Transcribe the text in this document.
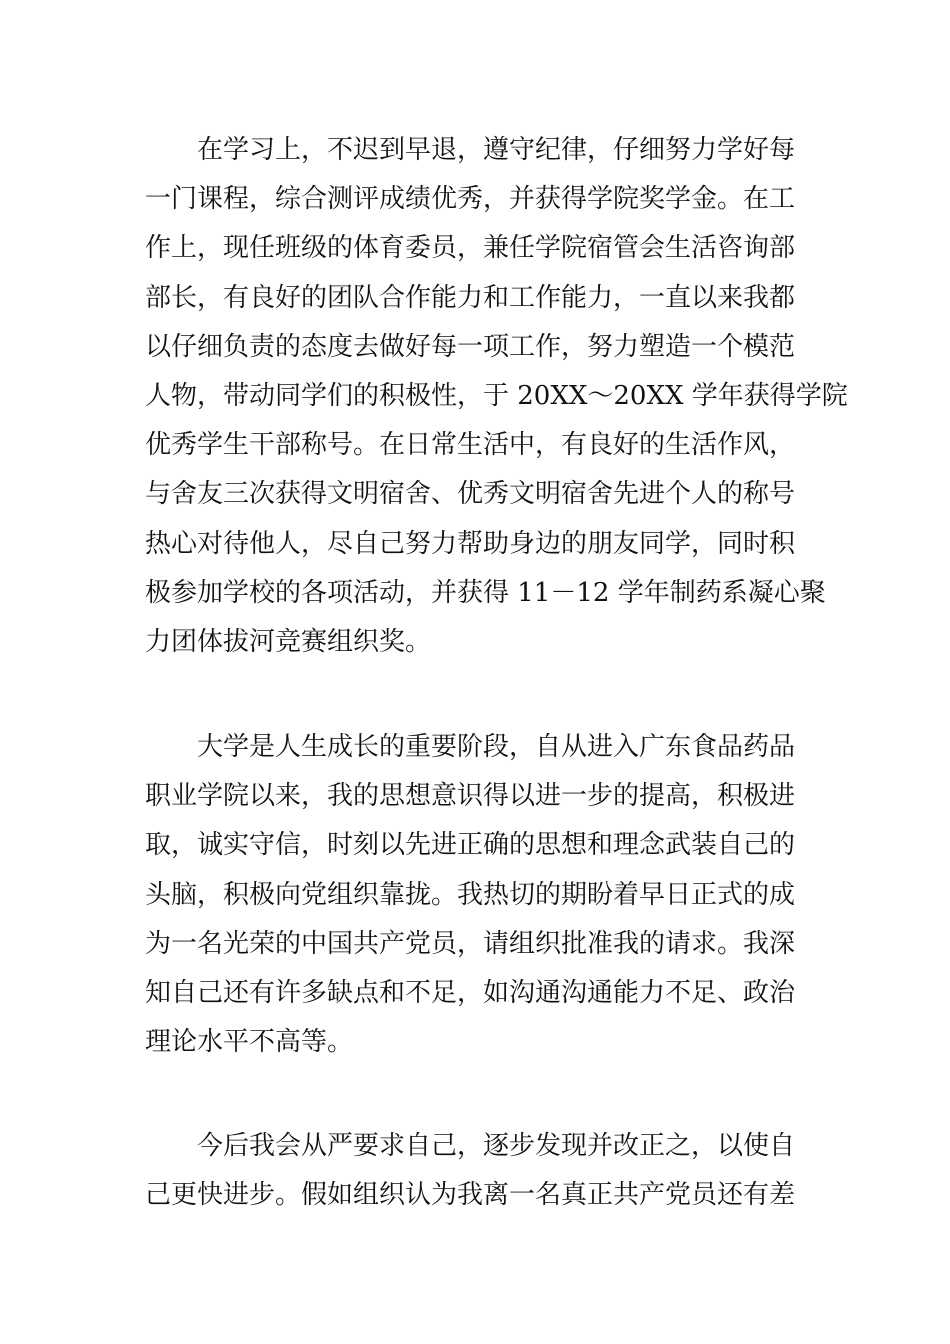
在学习上，不迟到早退，遵守纪律，仔细努力学好每
一门课程，综合测评成绩优秀，并获得学院奖学金。在工
作上，现任班级的体育委员，兼任学院宿管会生活咨询部
部长，有良好的团队合作能力和工作能力，一直以来我都
以仔细负责的态度去做好每一项工作，努力塑造一个模范
人物，带动同学们的积极性，于 20XX～20XX 学年获得学院
优秀学生干部称号。在日常生活中，有良好的生活作风，
与舍友三次获得文明宿舍、优秀文明宿舍先进个人的称号
热心对待他人，尽自己努力帮助身边的朋友同学，同时积
极参加学校的各项活动，并获得 11－12 学年制药系凝心聚
力团体拔河竞赛组织奖。
大学是人生成长的重要阶段，自从进入广东食品药品
职业学院以来，我的思想意识得以进一步的提高，积极进
取，诚实守信，时刻以先进正确的思想和理念武装自己的
头脑，积极向党组织靠拢。我热切的期盼着早日正式的成
为一名光荣的中国共产党员，请组织批准我的请求。我深
知自己还有许多缺点和不足，如沟通沟通能力不足、政治
理论水平不高等。
今后我会从严要求自己，逐步发现并改正之，以使自
己更快进步。假如组织认为我离一名真正共产党员还有差
